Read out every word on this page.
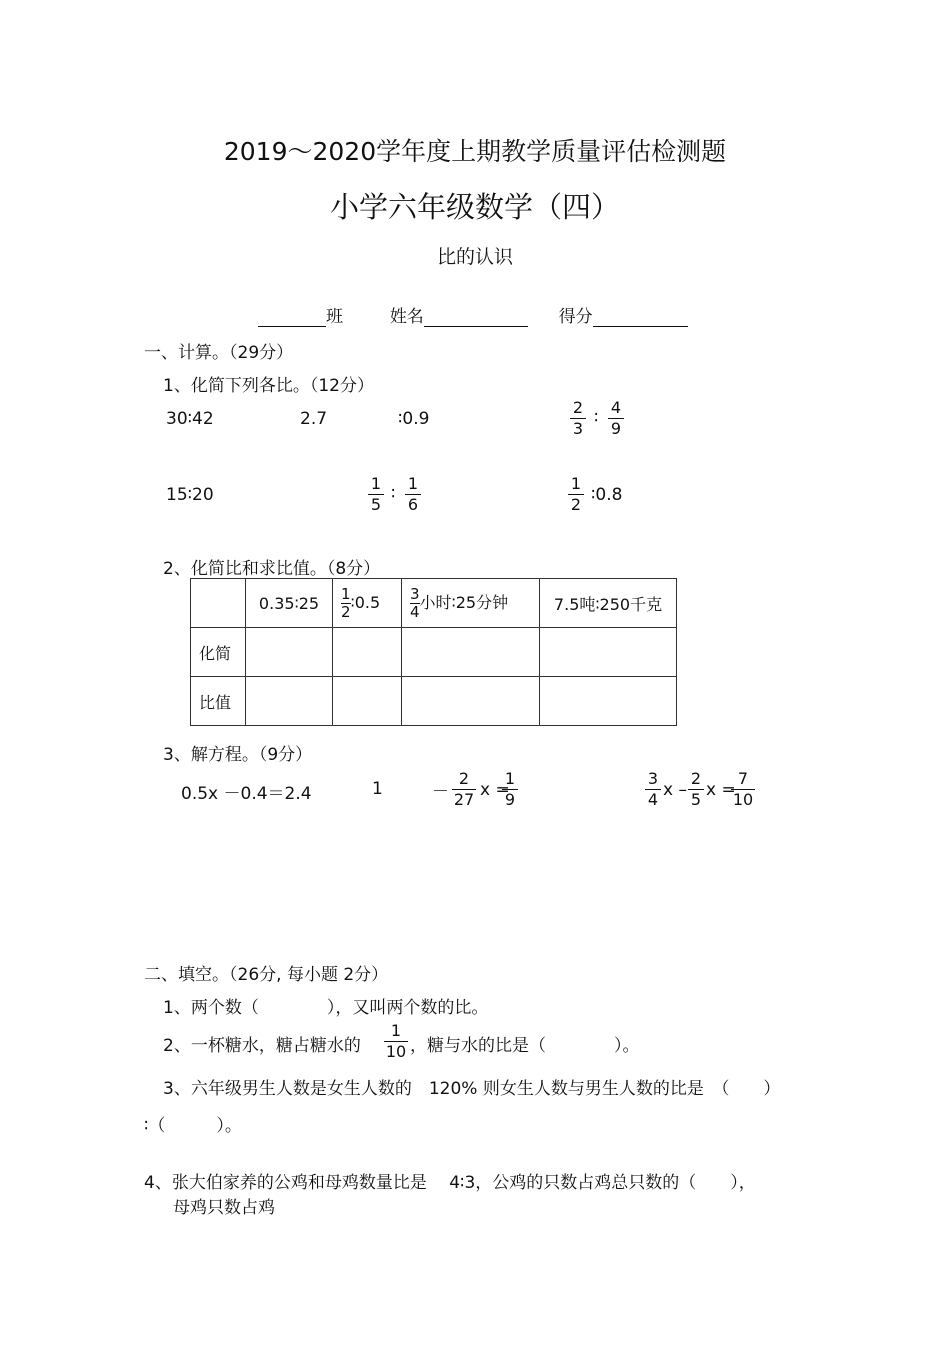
2019～2020学年度上期教学质量评估检测题
小学六年级数学（四）
比的认识
班	姓名	得分
一、计算。（29分）
1、化简下列各比。（12分）
30∶42	2.7	∶0.9	$\frac{2}{3}$ ∶ $\frac{4}{9}$
15∶20	$\frac{1}{5}$ ∶ $\frac{1}{6}$	$\frac{1}{2}$ ∶0.8
2、化简比和求比值。（8分）
	0.35∶25	$\frac{1}{2}$ ∶0.5	$\frac{3}{4}$ 小时∶25分钟	7.5吨∶250千克
化简				
比值				
3、解方程。（9分）
0.5x －0.4＝2.4	1	－ $\frac{2}{27}$ x =
$\frac{1}{9}$	$\frac{3}{4}$ x – $\frac{2}{5}$ x =
$\frac{7}{10}$
二、填空。（26分, 每小题 2分）
1、两个数（　　　　），又叫两个数的比。
2、一杯糖水，糖占糖水的 $\frac{1}{10}$ ，糖与水的比是（　　　　）。
3、六年级男生人数是女生人数的　120% 则女生人数与男生人数的比是　（　　）
∶（　　　）。
4、张大伯家养的公鸡和母鸡数量比是　 4∶3，公鸡的只数占鸡总只数的（　　），
母鸡只数占鸡
